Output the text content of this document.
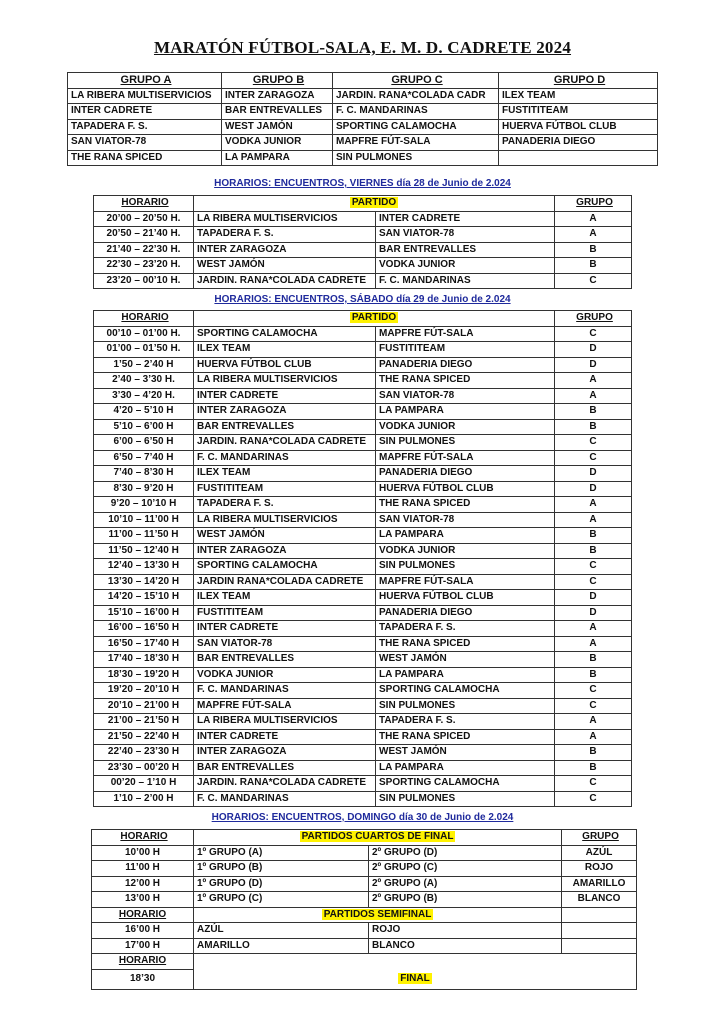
MARATÓN FÚTBOL-SALA, E. M. D. CADRETE 2024
GRUPO A	GRUPO B	GRUPO C	GRUPO D
LA RIBERA MULTISERVICIOS	INTER ZARAGOZA	JARDIN. RANA*COLADA CADR	ILEX TEAM
INTER CADRETE	BAR ENTREVALLES	F. C. MANDARINAS	FUSTITITEAM
TAPADERA F. S.	WEST JAMÓN	SPORTING CALAMOCHA	HUERVA FÚTBOL CLUB
SAN VIATOR-78	VODKA JUNIOR	MAPFRE FÚT-SALA	PANADERIA DIEGO
THE RANA SPICED	LA PAMPARA	SIN PULMONES	
HORARIOS: ENCUENTROS, VIERNES día 28 de Junio de 2.024
HORARIO	PARTIDO		GRUPO
20’00 – 20’50 H.	LA RIBERA MULTISERVICIOS	INTER CADRETE	A
20’50 – 21’40 H.	TAPADERA F. S.	SAN VIATOR-78	A
21’40 – 22’30 H.	INTER ZARAGOZA	BAR ENTREVALLES	B
22’30 – 23’20 H.	WEST JAMÓN	VODKA JUNIOR	B
23’20 – 00’10 H.	JARDIN. RANA*COLADA CADRETE	F. C. MANDARINAS	C
HORARIOS: ENCUENTROS, SÁBADO día 29 de Junio de 2.024
HORARIO	PARTIDO		GRUPO
00’10 – 01’00 H.	SPORTING CALAMOCHA	MAPFRE FÚT-SALA	C
01’00 – 01’50 H.	ILEX TEAM	FUSTITITEAM	D
1’50 – 2’40 H	HUERVA FÚTBOL CLUB	PANADERIA DIEGO	D
2’40 – 3’30 H.	LA RIBERA MULTISERVICIOS	THE RANA SPICED	A
3’30 – 4’20 H.	INTER CADRETE	SAN VIATOR-78	A
4’20 – 5’10 H	INTER ZARAGOZA	LA PAMPARA	B
5’10 – 6’00 H	BAR ENTREVALLES	VODKA JUNIOR	B
6’00 – 6’50 H	JARDIN. RANA*COLADA CADRETE	SIN PULMONES	C
6’50 – 7’40 H	F. C. MANDARINAS	MAPFRE FÚT-SALA	C
7’40 – 8’30 H	ILEX TEAM	PANADERIA DIEGO	D
8’30 – 9’20 H	FUSTITITEAM	HUERVA FÚTBOL CLUB	D
9’20 – 10’10 H	TAPADERA F. S.	THE RANA SPICED	A
10’10 – 11’00 H	LA RIBERA MULTISERVICIOS	SAN VIATOR-78	A
11’00 – 11’50 H	WEST JAMÓN	LA PAMPARA	B
11’50 – 12’40 H	INTER ZARAGOZA	VODKA JUNIOR	B
12’40 – 13’30 H	SPORTING CALAMOCHA	SIN PULMONES	C
13’30 – 14’20 H	JARDIN RANA*COLADA CADRETE	MAPFRE FÚT-SALA	C
14’20 – 15’10 H	ILEX TEAM	HUERVA FÚTBOL CLUB	D
15’10 – 16’00 H	FUSTITITEAM	PANADERIA DIEGO	D
16’00 – 16’50 H	INTER CADRETE	TAPADERA F. S.	A
16’50 – 17’40 H	SAN VIATOR-78	THE RANA SPICED	A
17’40 – 18’30 H	BAR ENTREVALLES	WEST JAMÓN	B
18’30 – 19’20 H	VODKA JUNIOR	LA PAMPARA	B
19’20 – 20’10 H	F. C. MANDARINAS	SPORTING CALAMOCHA	C
20’10 – 21’00 H	MAPFRE FÚT-SALA	SIN PULMONES	C
21’00 – 21’50 H	LA RIBERA MULTISERVICIOS	TAPADERA F. S.	A
21’50 – 22’40 H	INTER CADRETE	THE RANA SPICED	A
22’40 – 23’30 H	INTER ZARAGOZA	WEST JAMÓN	B
23’30 – 00’20 H	BAR ENTREVALLES	LA PAMPARA	B
00’20 – 1’10 H	JARDIN. RANA*COLADA CADRETE	SPORTING CALAMOCHA	C
1’10 – 2’00 H	F. C. MANDARINAS	SIN PULMONES	C
HORARIOS: ENCUENTROS, DOMINGO día 30 de Junio de 2.024
HORARIO	PARTIDOS CUARTOS DE FINAL		GRUPO
10’00 H	1º GRUPO (A)	2º GRUPO (D)	AZÚL
11’00 H	1º GRUPO (B)	2º GRUPO (C)	ROJO
12’00 H	1º GRUPO (D)	2º GRUPO (A)	AMARILLO
13’00 H	1º GRUPO (C)	2º GRUPO (B)	BLANCO
HORARIO	PARTIDOS SEMIFINAL		
16’00 H	AZÚL	ROJO	
17’00 H	AMARILLO	BLANCO	
HORARIO			
18’30	FINAL		
